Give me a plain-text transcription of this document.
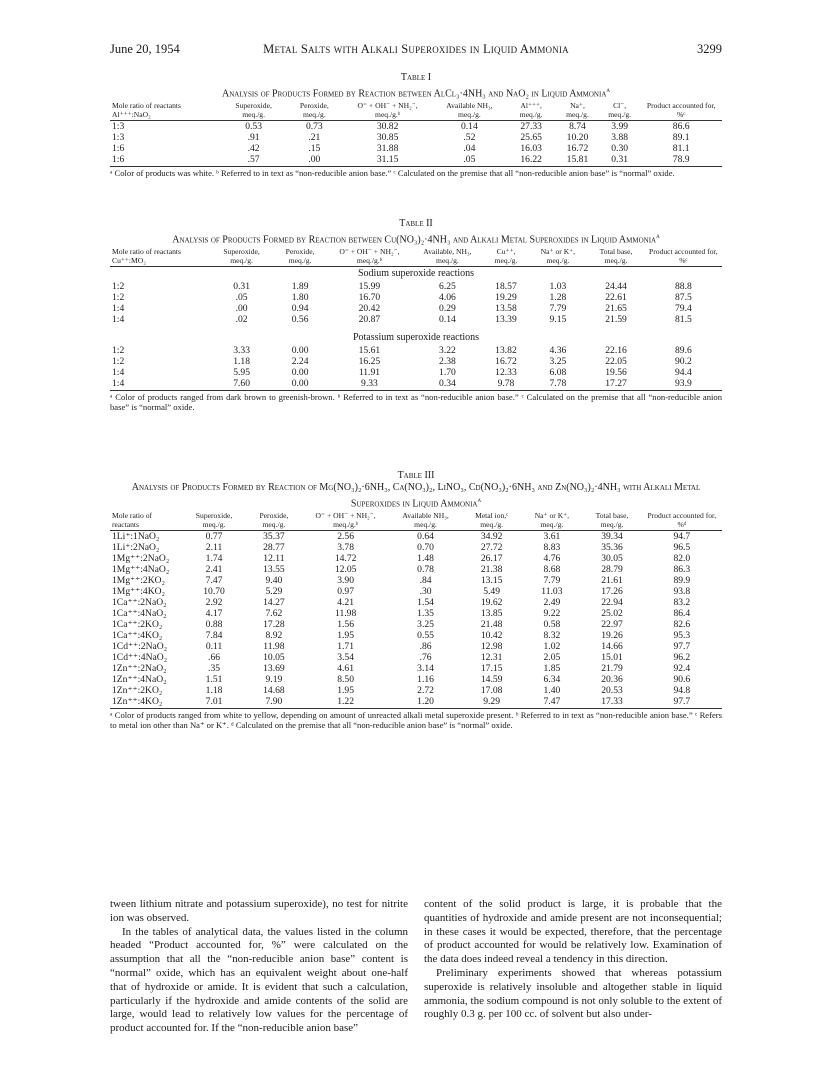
June 20, 1954	Metal Salts with Alkali Superoxides in Liquid Ammonia	3299
Table I
Analysis of Products Formed by Reaction between AlCl₃·4NH₃ and NaO₂ in Liquid Ammonia$^a$
Mole ratio of reactants Al⁺⁺⁺:NaO₂	Superoxide, meq./g.	Peroxide, meq./g.	O⁼ + OH⁻ + NH₂⁻, meq./g.ᵇ	Available NH₃, meq./g.	Al⁺⁺⁺, meq./g.	Na⁺, meq./g.	Cl⁻, meq./g.	Product accounted for, %ᶜ
1:3	0.53	0.73	30.82	0.14	27.33	8.74	3.99	86.6
1:3	.91	.21	30.85	.52	25.65	10.20	3.88	89.1
1:6	.42	.15	31.88	.04	16.03	16.72	0.30	81.1
1:6	.57	.00	31.15	.05	16.22	15.81	0.31	78.9
ᵃ Color of products was white. ᵇ Referred to in text as “non-reducible anion base.” ᶜ Calculated on the premise that all “non-reducible anion base” is “normal” oxide.
Table II
Analysis of Products Formed by Reaction between Cu(NO₃)₂·4NH₃ and Alkali Metal Superoxides in Liquid Ammonia$^a$
Mole ratio of reactants Cu⁺⁺:MO₂	Superoxide, meq./g.	Peroxide, meq./g.	O⁼ + OH⁻ + NH₂⁻, meq./g.ᵇ	Available, NH₃, meq./g.	Cu⁺⁺, meq./g.	Na⁺ or K⁺, meq./g.	Total base, meq./g.	Product accounted for, %ᶜ
Sodium superoxide reactions								
1:2	0.31	1.89	15.99	6.25	18.57	1.03	24.44	88.8
1:2	.05	1.80	16.70	4.06	19.29	1.28	22.61	87.5
1:4	.00	0.94	20.42	0.29	13.58	7.79	21.65	79.4
1:4	.02	0.56	20.87	0.14	13.39	9.15	21.59	81.5

Potassium superoxide reactions								
1:2	3.33	0.00	15.61	3.22	13.82	4.36	22.16	89.6
1:2	1.18	2.24	16.25	2.38	16.72	3.25	22.05	90.2
1:4	5.95	0.00	11.91	1.70	12.33	6.08	19.56	94.4
1:4	7.60	0.00	9.33	0.34	9.78	7.78	17.27	93.9
ᵃ Color of products ranged from dark brown to greenish-brown. ᵇ Referred to in text as “non-reducible anion base.” ᶜ Calculated on the premise that all “non-reducible anion base” is “normal” oxide.
Table III
Analysis of Products Formed by Reaction of Mg(NO₃)₂·6NH₃, Ca(NO₃)₂, LiNO₃, Cd(NO₃)₂·6NH₃ and Zn(NO₃)₂·4NH₃ with Alkali Metal Superoxides in Liquid Ammonia$^a$
Mole ratio of reactants	Superoxide, meq./g.	Peroxide, meq./g.	O⁼ + OH⁻ + NH₂⁻, meq./g.ᵇ	Available NH₃, meq./g.	Metal ion,ᶜ meq./g.	Na⁺ or K⁺, meq./g.	Total base, meq./g.	Product accounted for, %ᵈ
1Li⁺:1NaO₂	0.77	35.37	2.56	0.64	34.92	3.61	39.34	94.7
1Li⁺:2NaO₂	2.11	28.77	3.78	0.70	27.72	8.83	35.36	96.5
1Mg⁺⁺:2NaO₂	1.74	12.11	14.72	1.48	26.17	4.76	30.05	82.0
1Mg⁺⁺:4NaO₂	2.41	13.55	12.05	0.78	21.38	8.68	28.79	86.3
1Mg⁺⁺:2KO₂	7.47	9.40	3.90	.84	13.15	7.79	21.61	89.9
1Mg⁺⁺:4KO₂	10.70	5.29	0.97	.30	5.49	11.03	17.26	93.8
1Ca⁺⁺:2NaO₂	2.92	14.27	4.21	1.54	19.62	2.49	22.94	83.2
1Ca⁺⁺:4NaO₂	4.17	7.62	11.98	1.35	13.85	9.22	25.02	86.4
1Ca⁺⁺:2KO₂	0.88	17.28	1.56	3.25	21.48	0.58	22.97	82.6
1Ca⁺⁺:4KO₂	7.84	8.92	1.95	0.55	10.42	8.32	19.26	95.3
1Cd⁺⁺:2NaO₂	0.11	11.98	1.71	.86	12.98	1.02	14.66	97.7
1Cd⁺⁺:4NaO₂	.66	10.05	3.54	.76	12.31	2.05	15.01	96.2
1Zn⁺⁺:2NaO₂	.35	13.69	4.61	3.14	17.15	1.85	21.79	92.4
1Zn⁺⁺:4NaO₂	1.51	9.19	8.50	1.16	14.59	6.34	20.36	90.6
1Zn⁺⁺:2KO₂	1.18	14.68	1.95	2.72	17.08	1.40	20.53	94.8
1Zn⁺⁺:4KO₂	7.01	7.90	1.22	1.20	9.29	7.47	17.33	97.7
ᵃ Color of products ranged from white to yellow, depending on amount of unreacted alkali metal superoxide present. ᵇ Referred to in text as “non-reducible anion base.” ᶜ Refers to metal ion other than Na⁺ or K⁺. ᵈ Calculated on the premise that all “non-reducible anion base” is “normal” oxide.

tween lithium nitrate and potassium superoxide), no test for nitrite ion was observed.

In the tables of analytical data, the values listed in the column headed “Product accounted for, %” were calculated on the assumption that all the “non-reducible anion base” content is “normal” oxide, which has an equivalent weight about one-half that of hydroxide or amide. It is evident that such a calculation, particularly if the hydroxide and amide contents of the solid are large, would lead to relatively low values for the percentage of product accounted for. If the “non-reducible anion base”

content of the solid product is large, it is probable that the quantities of hydroxide and amide present are not inconsequential; in these cases it would be expected, therefore, that the percentage of product accounted for would be relatively low. Examination of the data does indeed reveal a tendency in this direction.

Preliminary experiments showed that whereas potassium superoxide is relatively insoluble and altogether stable in liquid ammonia, the sodium compound is not only soluble to the extent of roughly 0.3 g. per 100 cc. of solvent but also under-
